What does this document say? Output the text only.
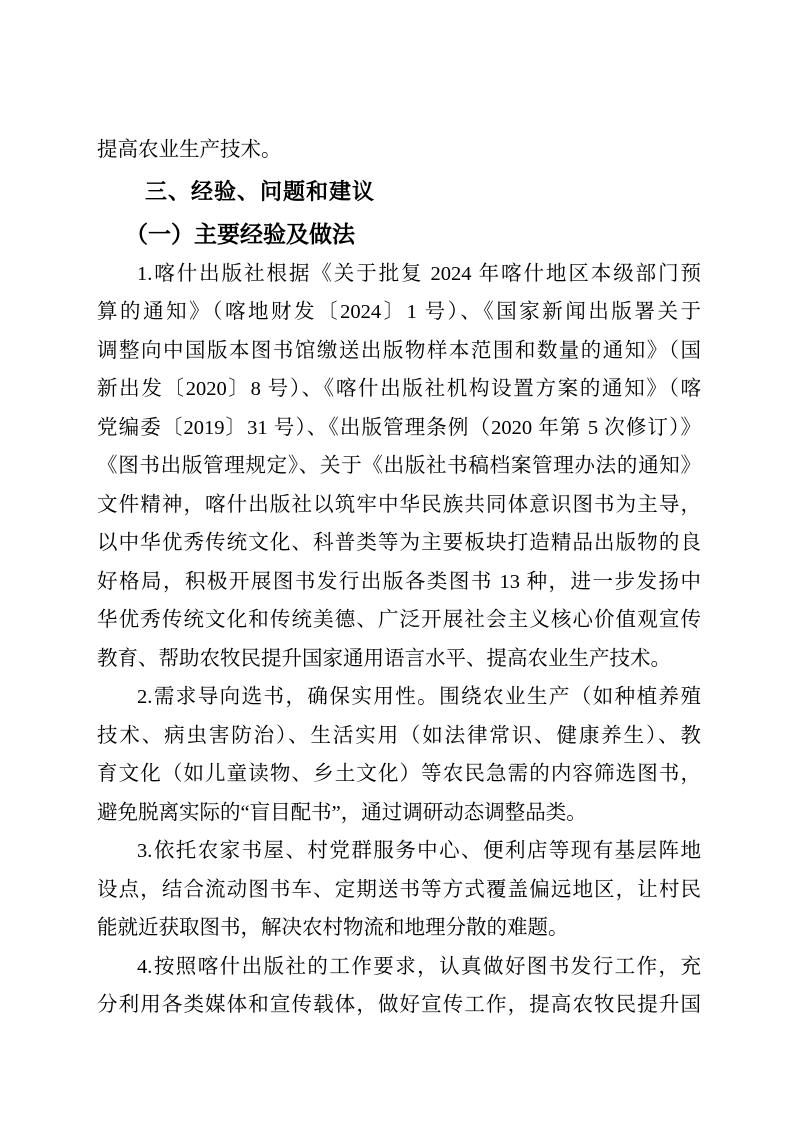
提高农业生产技术。
三、经验、问题和建议
（一）主要经验及做法
1.喀什出版社根据《关于批复 2024 年喀什地区本级部门预
算的通知》（喀地财发〔2024〕1 号）、《国家新闻出版署关于
调整向中国版本图书馆缴送出版物样本范围和数量的通知》（国
新出发〔2020〕8 号）、《喀什出版社机构设置方案的通知》（喀
党编委〔2019〕31 号）、《出版管理条例（2020 年第 5 次修订）》
《图书出版管理规定》、关于《出版社书稿档案管理办法的通知》
文件精神，喀什出版社以筑牢中华民族共同体意识图书为主导，
以中华优秀传统文化、科普类等为主要板块打造精品出版物的良
好格局，积极开展图书发行出版各类图书 13 种，进一步发扬中
华优秀传统文化和传统美德、广泛开展社会主义核心价值观宣传
教育、帮助农牧民提升国家通用语言水平、提高农业生产技术。
2.需求导向选书，确保实用性。围绕农业生产（如种植养殖
技术、病虫害防治）、生活实用（如法律常识、健康养生）、教
育文化（如儿童读物、乡土文化）等农民急需的内容筛选图书，
避免脱离实际的“盲目配书”，通过调研动态调整品类。
3.依托农家书屋、村党群服务中心、便利店等现有基层阵地
设点，结合流动图书车、定期送书等方式覆盖偏远地区，让村民
能就近获取图书，解决农村物流和地理分散的难题。
4.按照喀什出版社的工作要求，认真做好图书发行工作，充
分利用各类媒体和宣传载体，做好宣传工作，提高农牧民提升国
